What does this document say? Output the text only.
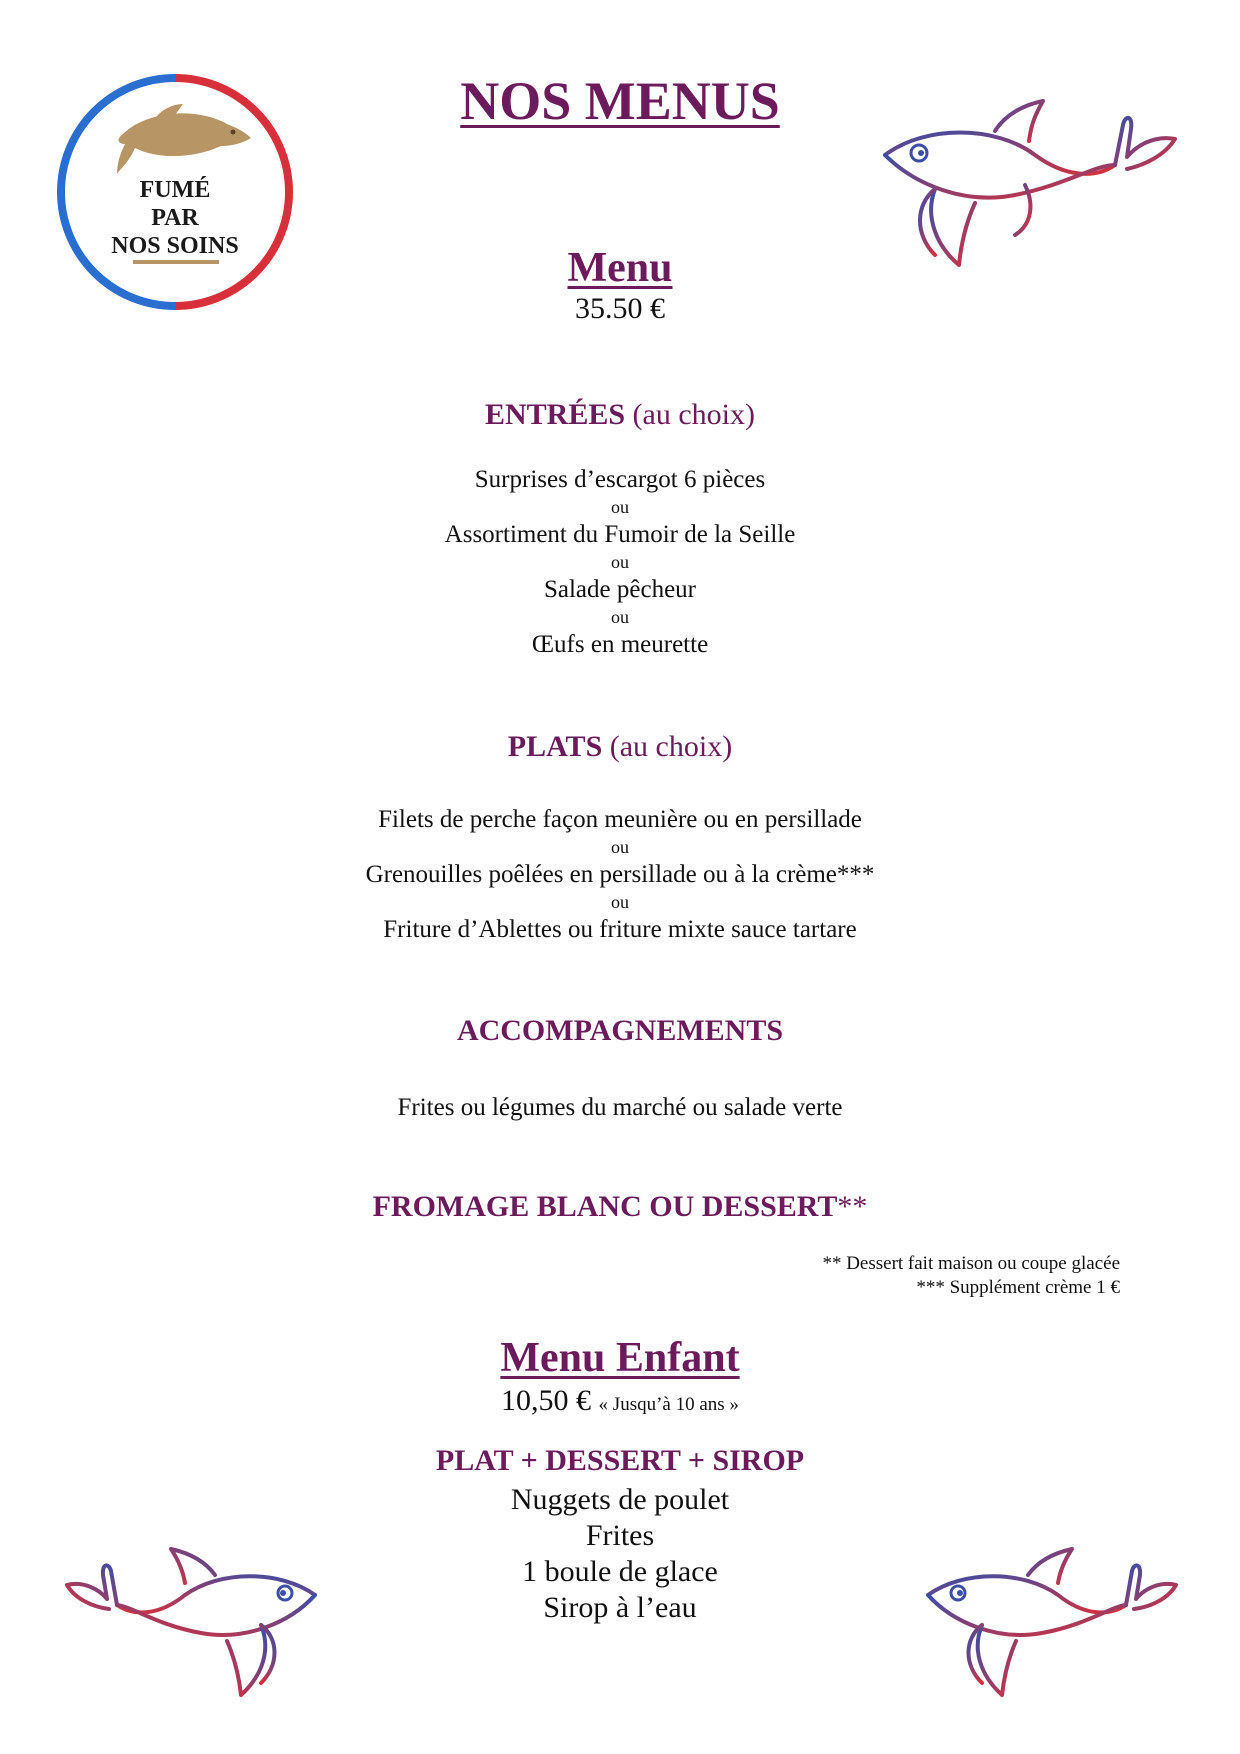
FUMÉ
PAR
NOS SOINS
NOS MENUS
Menu
35.50 €
ENTRÉES (au choix)
Surprises d’escargot 6 pièces
ou
Assortiment du Fumoir de la Seille
ou
Salade pêcheur
ou
Œufs en meurette
PLATS (au choix)
Filets de perche façon meunière ou en persillade
ou
Grenouilles poêlées en persillade ou à la crème***
ou
Friture d’Ablettes ou friture mixte sauce tartare
ACCOMPAGNEMENTS
Frites ou légumes du marché ou salade verte
FROMAGE BLANC OU DESSERT**
** Dessert fait maison ou coupe glacée
*** Supplément crème 1 €
Menu Enfant
10,50 € « Jusqu’à 10 ans »
PLAT + DESSERT + SIROP
Nuggets de poulet
Frites
1 boule de glace
Sirop à l’eau
